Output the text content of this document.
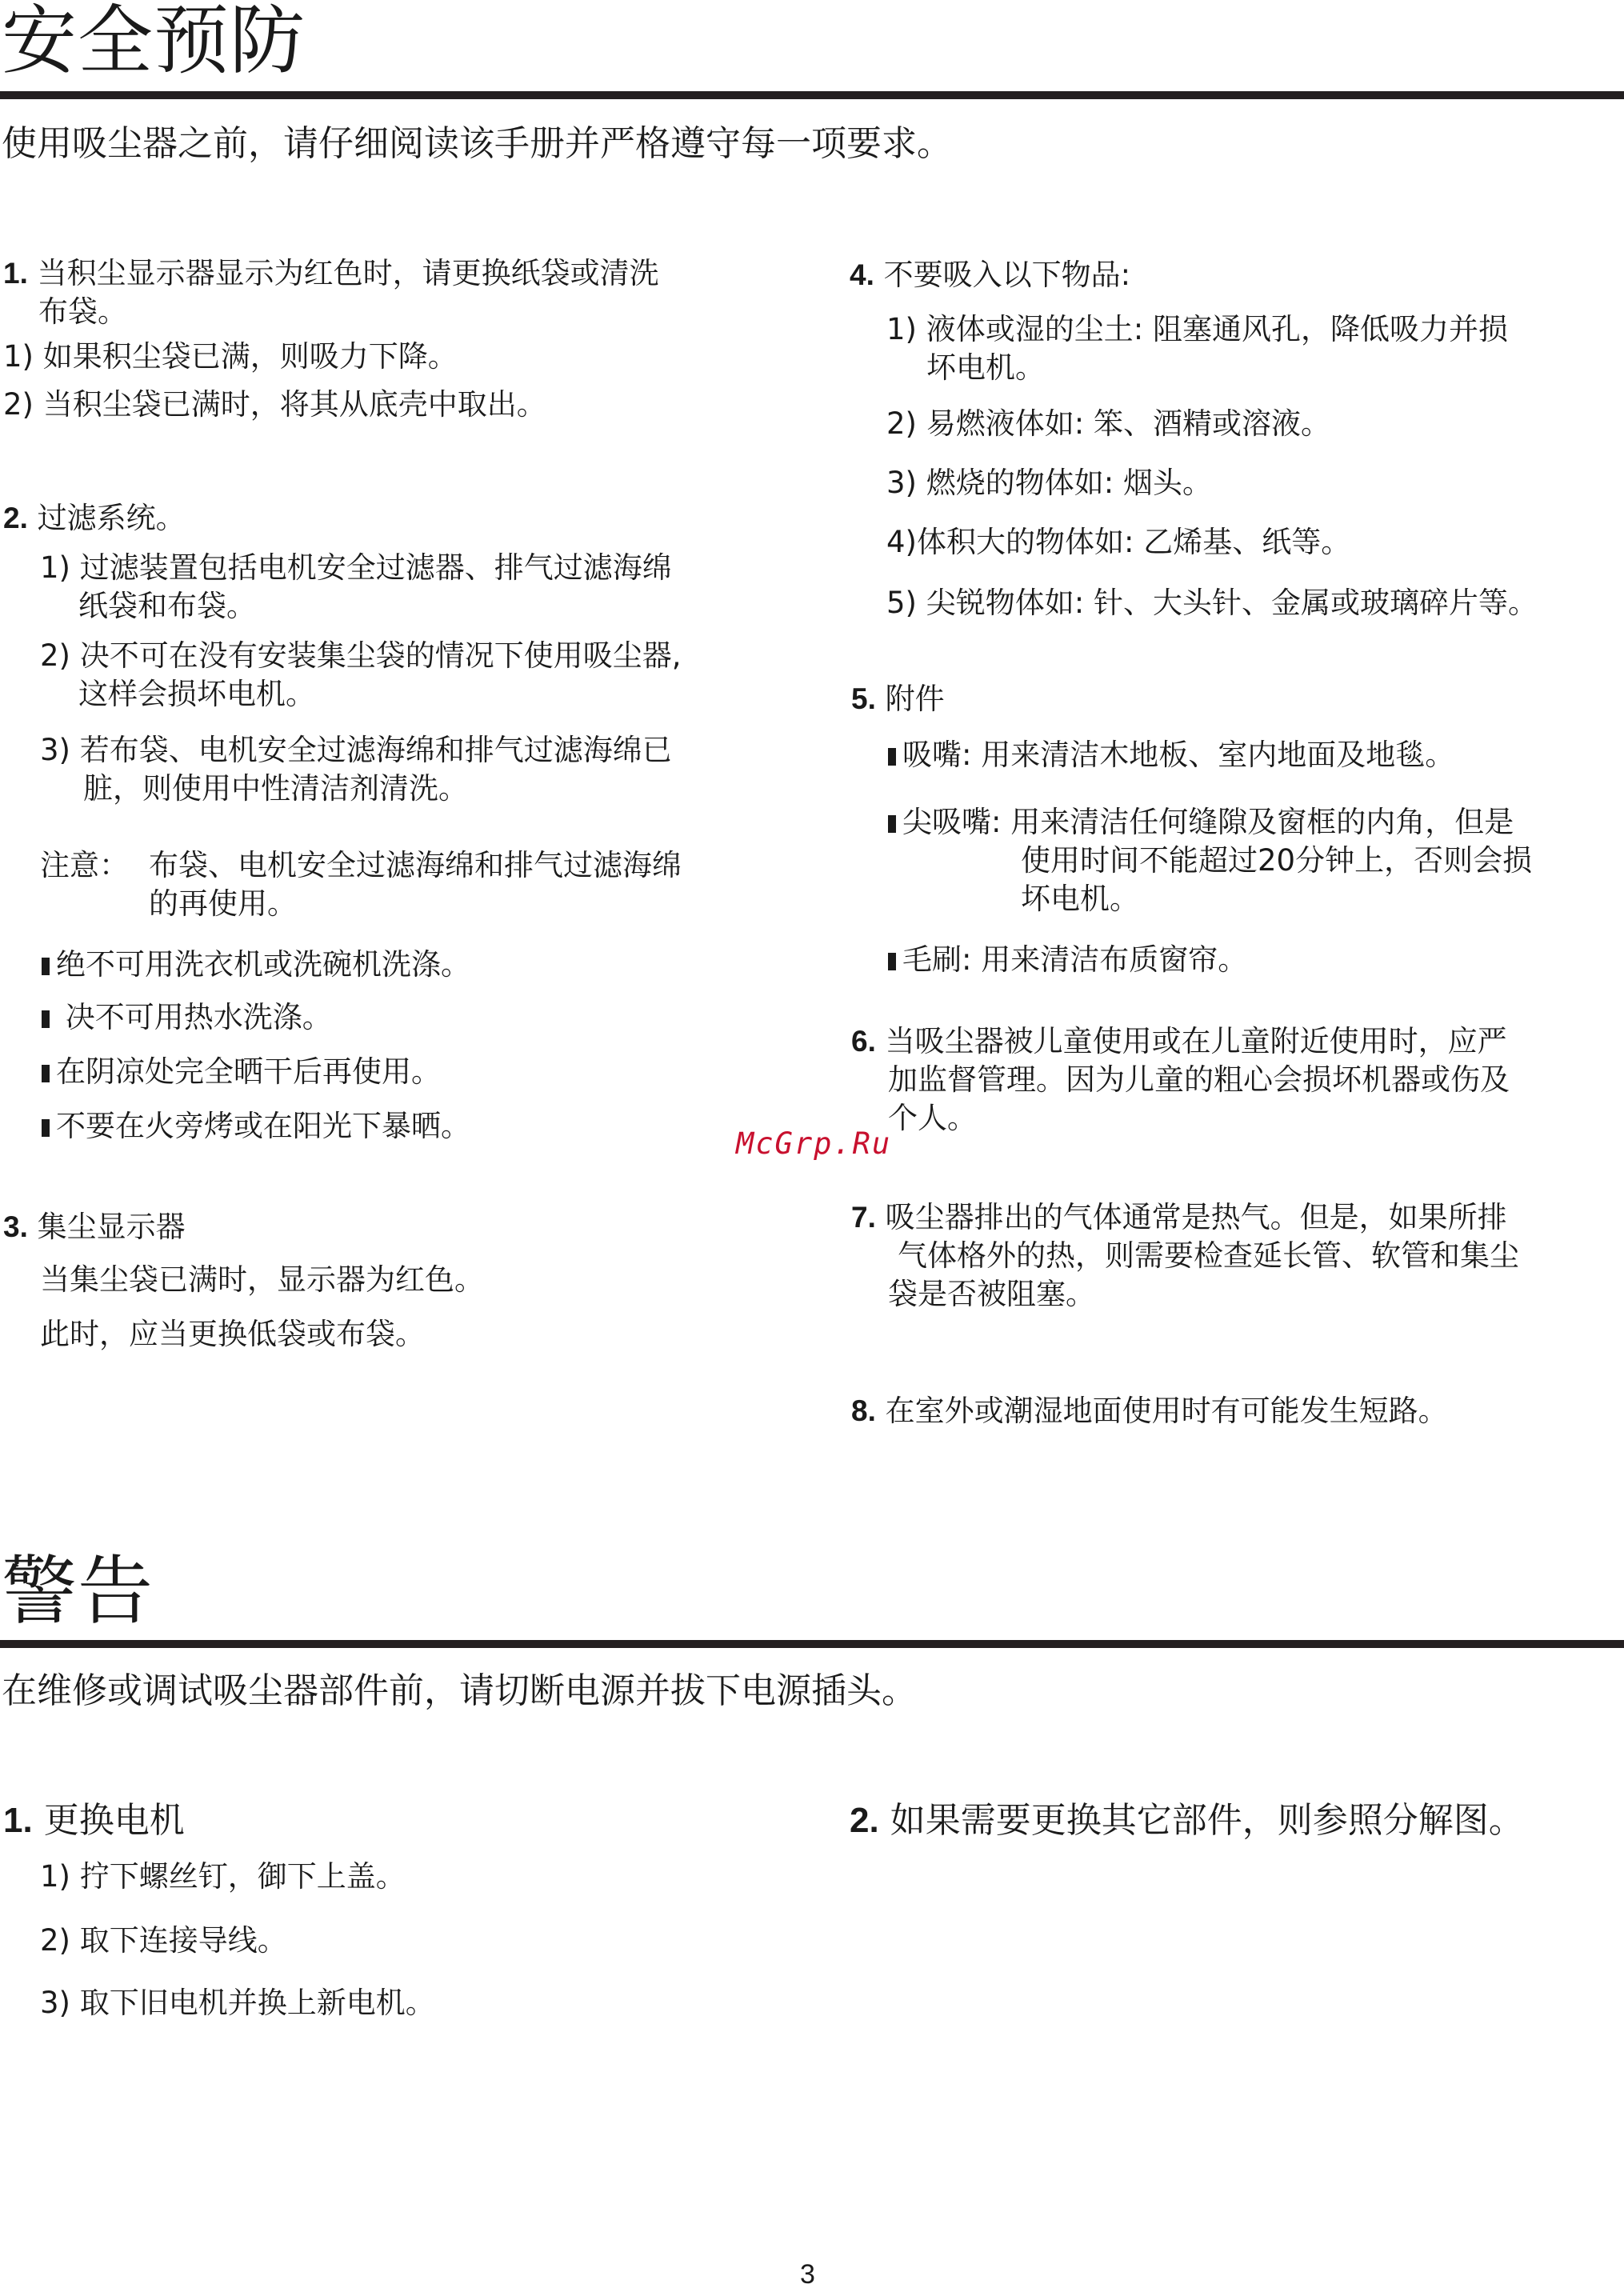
安全预防
使用吸尘器之前，请仔细阅读该手册并严格遵守每一项要求。
1. 当积尘显示器显示为红色时，请更换纸袋或清洗
布袋。
1) 如果积尘袋已满，则吸力下降。
2) 当积尘袋已满时，将其从底壳中取出。
2. 过滤系统。
1) 过滤装置包括电机安全过滤器、排气过滤海绵
纸袋和布袋。
2) 决不可在没有安装集尘袋的情况下使用吸尘器,
这样会损坏电机。
3) 若布袋、电机安全过滤海绵和排气过滤海绵已
脏，则使用中性清洁剂清洗。
注意： 布袋、电机安全过滤海绵和排气过滤海绵
的再使用。
绝不可用洗衣机或洗碗机洗涤。
决不可用热水洗涤。
在阴凉处完全晒干后再使用。
不要在火旁烤或在阳光下暴晒。
3. 集尘显示器
当集尘袋已满时，显示器为红色。
此时，应当更换低袋或布袋。
4. 不要吸入以下物品:
1) 液体或湿的尘土: 阻塞通风孔，降低吸力并损
坏电机。
2) 易燃液体如: 笨、酒精或溶液。
3) 燃烧的物体如: 烟头。
4)体积大的物体如: 乙烯基、纸等。
5) 尖锐物体如: 针、大头针、金属或玻璃碎片等。
5. 附件
吸嘴: 用来清洁木地板、室内地面及地毯。
尖吸嘴: 用来清洁任何缝隙及窗框的内角，但是
使用时间不能超过20分钟上，否则会损
坏电机。
毛刷: 用来清洁布质窗帘。
6. 当吸尘器被儿童使用或在儿童附近使用时，应严
加监督管理。因为儿童的粗心会损坏机器或伤及
个人。
7. 吸尘器排出的气体通常是热气。但是，如果所排
气体格外的热，则需要检查延长管、软管和集尘
袋是否被阻塞。
8. 在室外或潮湿地面使用时有可能发生短路。
McGrp.Ru
警告
在维修或调试吸尘器部件前，请切断电源并拔下电源插头。
1. 更换电机
1) 拧下螺丝钉，御下上盖。
2) 取下连接导线。
3) 取下旧电机并换上新电机。
2. 如果需要更换其它部件，则参照分解图。
3
